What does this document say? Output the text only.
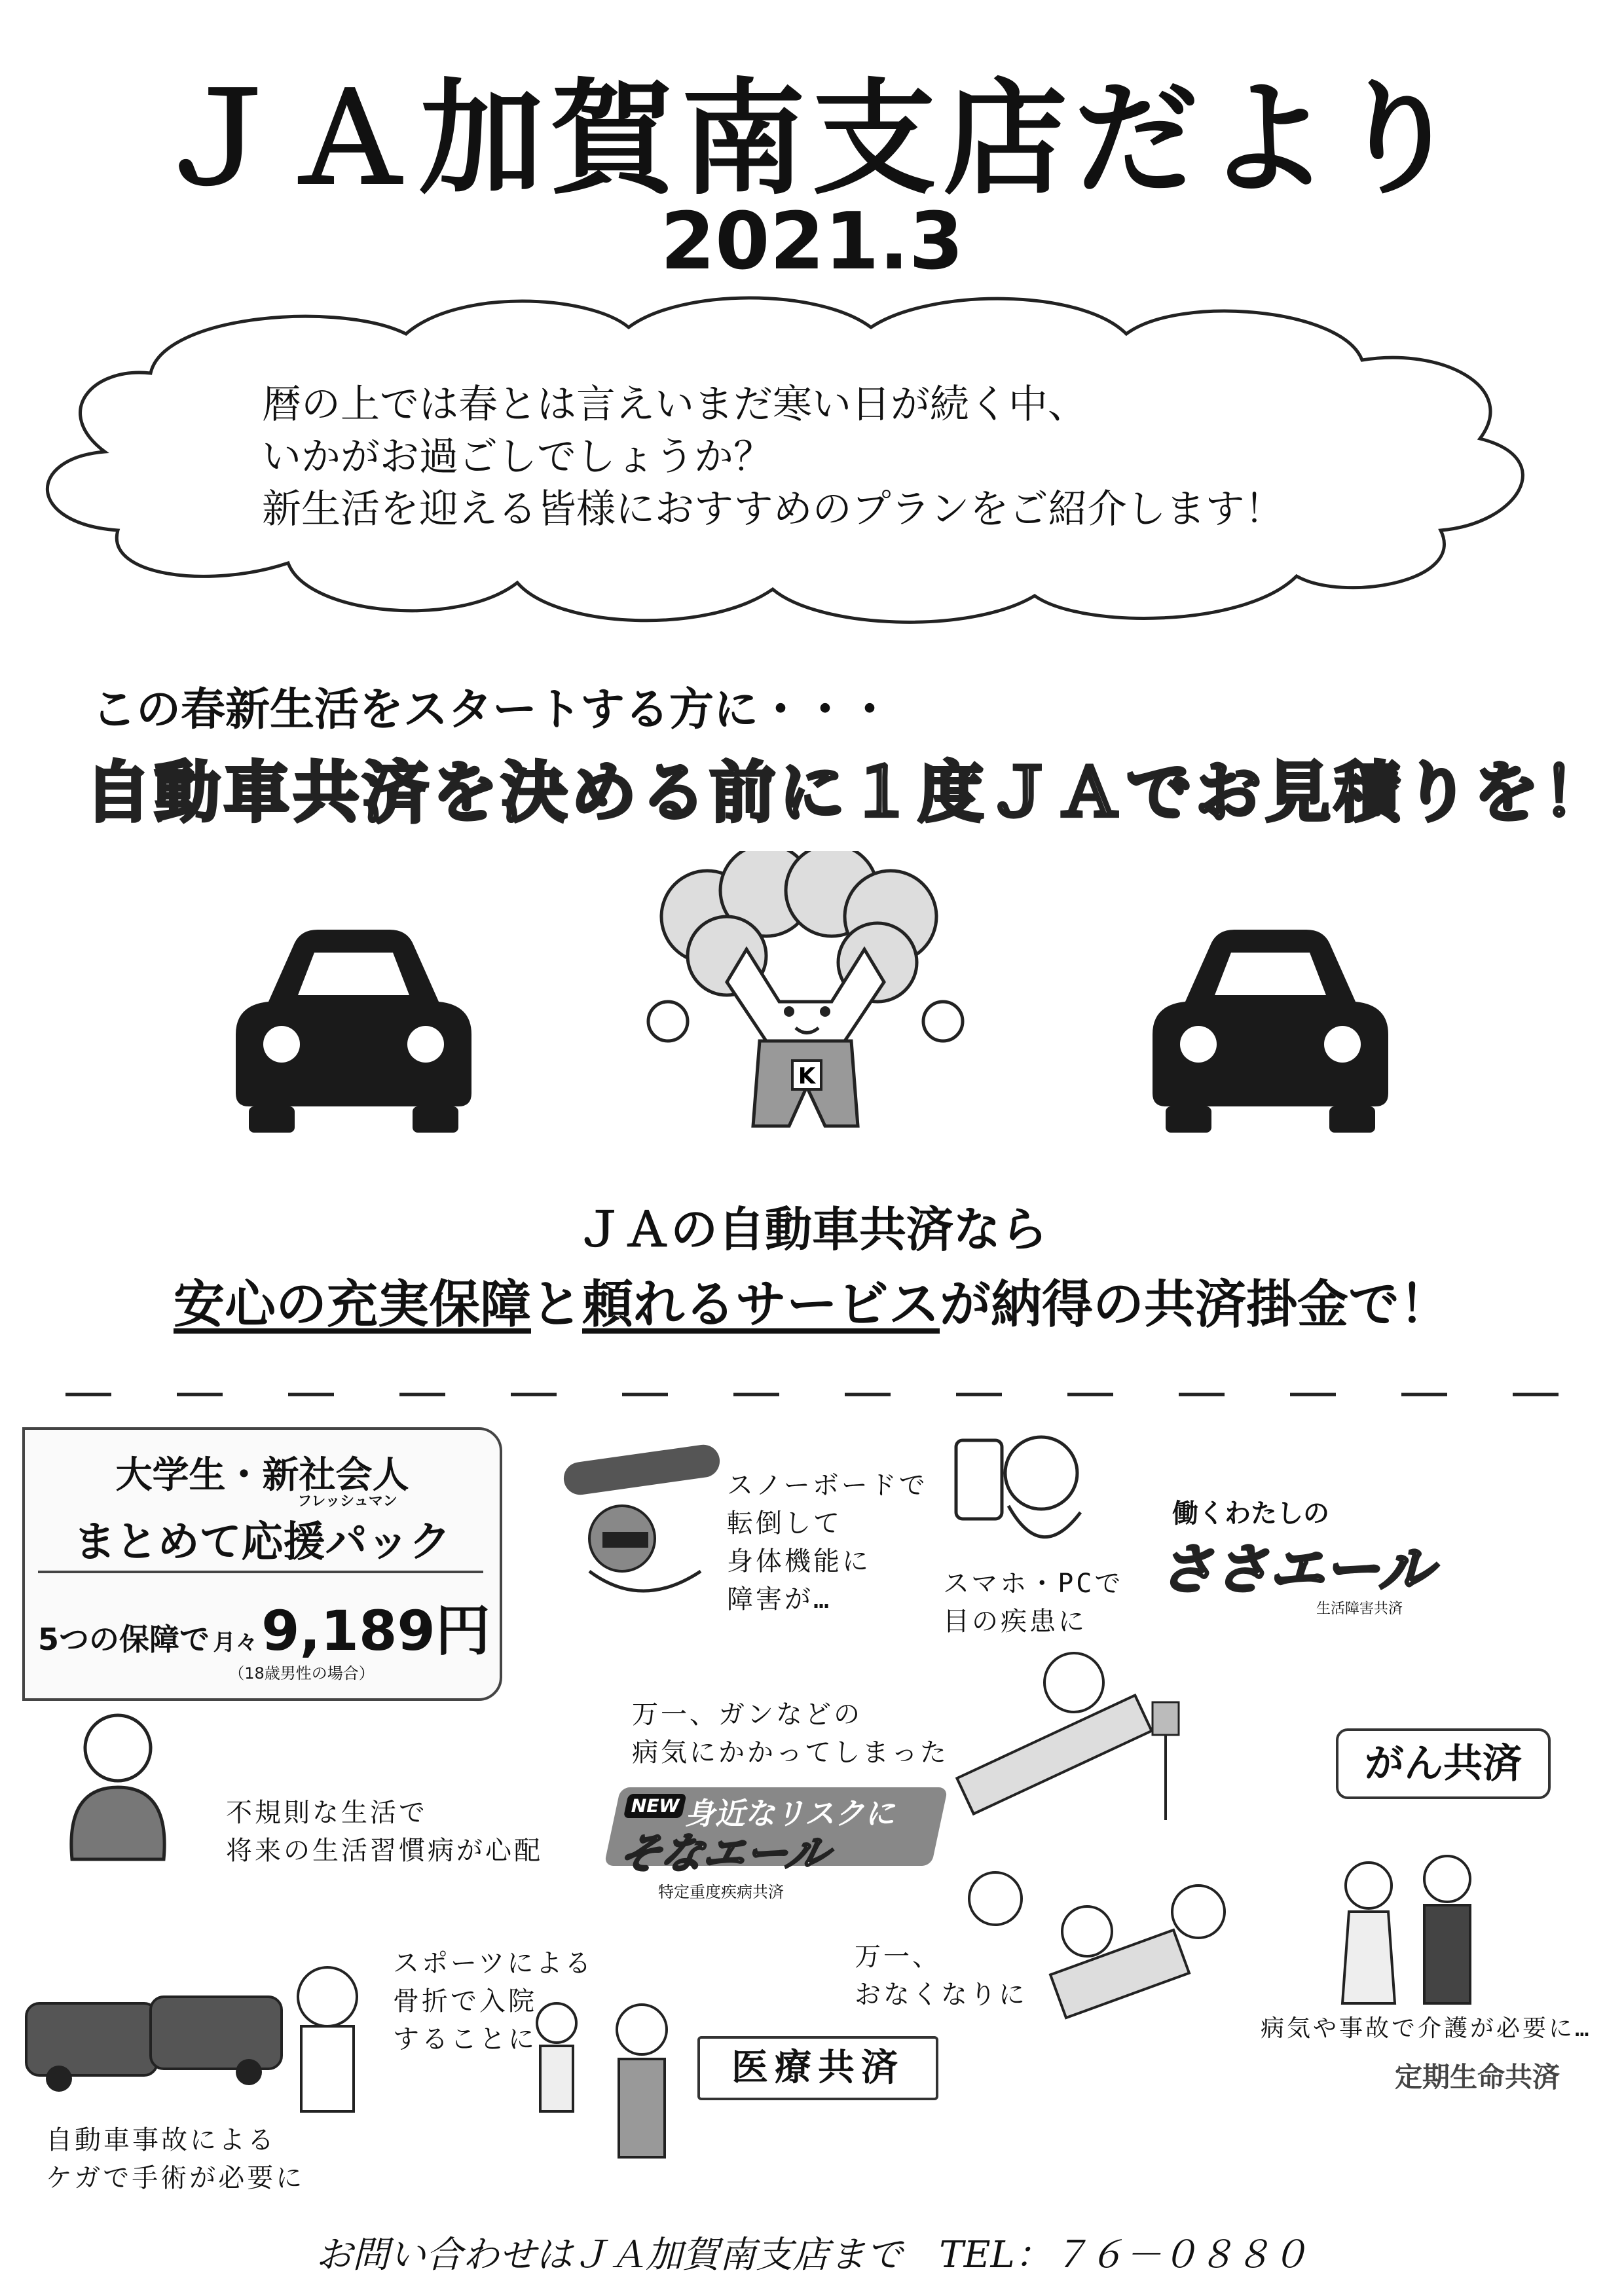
ＪＡ加賀南支店だより
2021.3
暦の上では春とは言えいまだ寒い日が続く中、
いかがお過ごしでしょうか？
新生活を迎える皆様におすすめのプランをご紹介します！
この春新生活をスタートする方に・・・
自動車共済を決める前に１度ＪＡでお見積りを！
K
ＪＡの自動車共済なら
安心の充実保障と頼れるサービスが納得の共済掛金で！
大学生・新社会人
フレッシュマン
まとめて応援パック
5つの保障で 月々 9,189円
（18歳男性の場合）
スノーボードで
転倒して
身体機能に
障害が…
スマホ・PCで
目の疾患に
働くわたしの
ささエール
生活障害共済
不規則な生活で
将来の生活習慣病が心配
万一、ガンなどの
病気にかかってしまった
NEW 身近なリスクに
そなエール
特定重度疾病共済
がん共済
万一、
おなくなりに
病気や事故で介護が必要に…
定期生命共済
自動車事故による
ケガで手術が必要に
スポーツによる
骨折で入院
することに
医療共済
お問い合わせはＪＡ加賀南支店まで　TEL：７６－０８８０
